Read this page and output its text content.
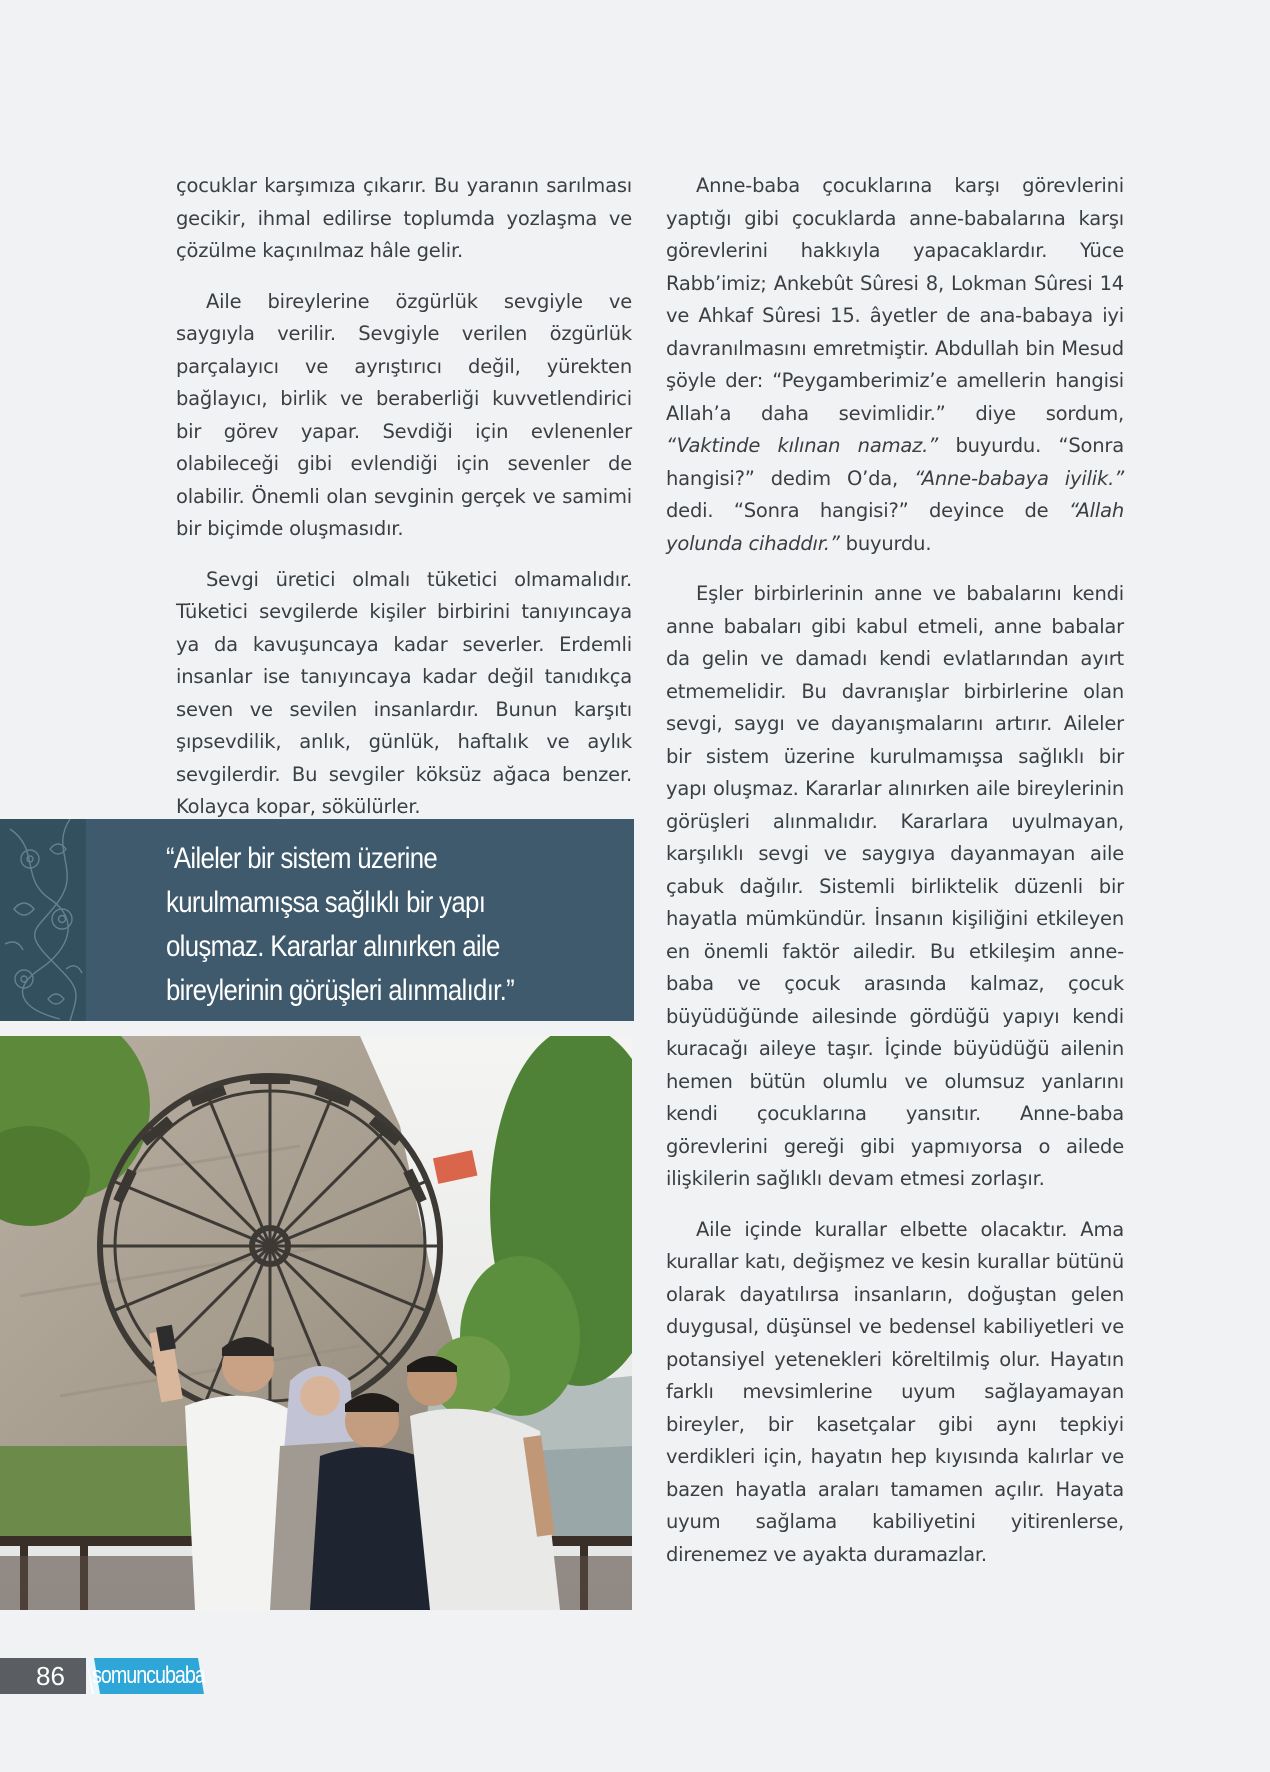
çocuklar karşımıza çıkarır. Bu yaranın sarılması gecikir, ihmal edilirse toplumda yozlaşma ve çözülme kaçınılmaz hâle gelir.

Aile bireylerine özgürlük sevgiyle ve saygıyla verilir. Sevgiyle verilen özgürlük parçalayıcı ve ayrıştırıcı değil, yürekten bağlayıcı, birlik ve beraberliği kuvvetlendirici bir görev yapar. Sevdiği için evlenenler olabileceği gibi evlendiği için sevenler de olabilir. Önemli olan sevginin gerçek ve samimi bir biçimde oluşmasıdır.

Sevgi üretici olmalı tüketici olmamalıdır. Tüketici sevgilerde kişiler birbirini tanıyıncaya ya da kavuşuncaya kadar severler. Erdemli insanlar ise tanıyıncaya kadar değil tanıdıkça seven ve sevilen insanlardır. Bunun karşıtı şıpsevdilik, anlık, günlük, haftalık ve aylık sevgilerdir. Bu sevgiler köksüz ağaca benzer. Kolayca kopar, sökülürler.

“Aileler bir sistem üzerine kurulmamışsa sağlıklı bir yapı oluşmaz. Kararlar alınırken aile bireylerinin görüşleri alınmalıdır.”

Anne-baba çocuklarına karşı görevlerini yaptığı gibi çocuklarda anne-babalarına karşı görevlerini hakkıyla yapacaklardır. Yüce Rabb’imiz; Ankebût Sûresi 8, Lokman Sûresi 14 ve Ahkaf Sûresi 15. âyetler de ana-babaya iyi davranılmasını emretmiştir. Abdullah bin Mesud şöyle der: “Peygamberimiz’e amellerin hangisi Allah’a daha sevimlidir.” diye sordum, “Vaktinde kılınan namaz.” buyurdu. “Sonra hangisi?” dedim O’da, “Anne-babaya iyilik.” dedi. “Sonra hangisi?” deyince de “Allah yolunda cihaddır.” buyurdu.

Eşler birbirlerinin anne ve babalarını kendi anne babaları gibi kabul etmeli, anne babalar da gelin ve damadı kendi evlatlarından ayırt etmemelidir. Bu davranışlar birbirlerine olan sevgi, saygı ve dayanışmalarını artırır. Aileler bir sistem üzerine kurulmamışsa sağlıklı bir yapı oluşmaz. Kararlar alınırken aile bireylerinin görüşleri alınmalıdır. Kararlara uyulmayan, karşılıklı sevgi ve saygıya dayanmayan aile çabuk dağılır. Sistemli birliktelik düzenli bir hayatla mümkündür. İnsanın kişiliğini etkileyen en önemli faktör ailedir. Bu etkileşim anne-baba ve çocuk arasında kalmaz, çocuk büyüdüğünde ailesinde gördüğü yapıyı kendi kuracağı aileye taşır. İçinde büyüdüğü ailenin hemen bütün olumlu ve olumsuz yanlarını kendi çocuklarına yansıtır. Anne-baba görevlerini gereği gibi yapmıyorsa o ailede ilişkilerin sağlıklı devam etmesi zorlaşır.

Aile içinde kurallar elbette olacaktır. Ama kurallar katı, değişmez ve kesin kurallar bütünü olarak dayatılırsa insanların, doğuştan gelen duygusal, düşünsel ve bedensel kabiliyetleri ve potansiyel yetenekleri köreltilmiş olur. Hayatın farklı mevsimlerine uyum sağlayamayan bireyler, bir kasetçalar gibi aynı tepkiyi verdikleri için, hayatın hep kıyısında kalırlar ve bazen hayatla araları tamamen açılır. Hayata uyum sağlama kabiliyetini yitirenlerse, direnemez ve ayakta duramazlar.

86 somuncubaba
